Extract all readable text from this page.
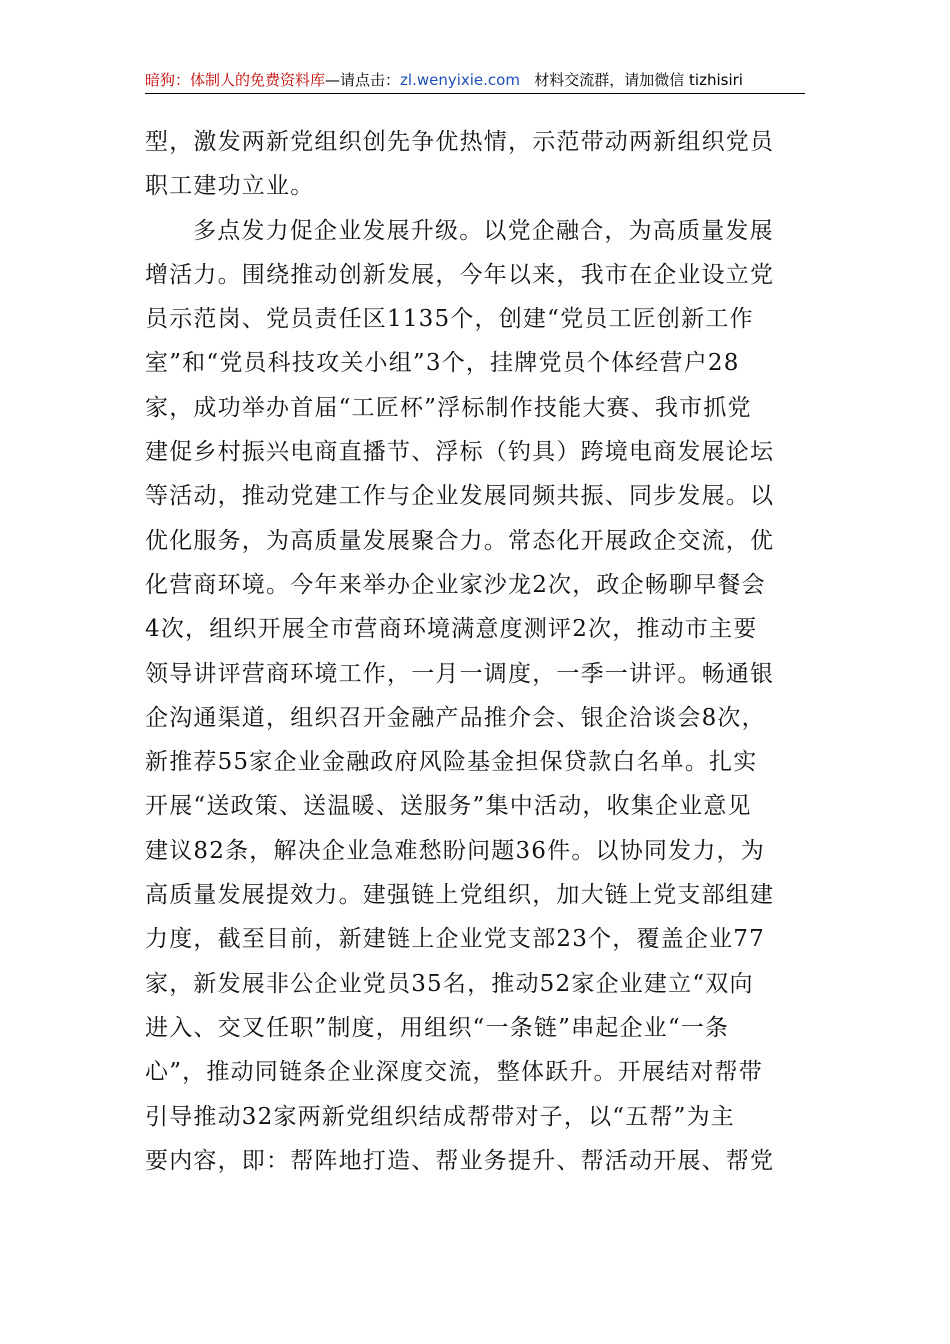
暗狗：体制人的免费资料库—请点击：zl.wenyixie.com 材料交流群，请加微信 tizhisiri
型，激发两新党组织创先争优热情，示范带动两新组织党员
职工建功立业。
多点发力促企业发展升级。以党企融合，为高质量发展
增活力。围绕推动创新发展，今年以来，我市在企业设立党
员示范岗、党员责任区1135个，创建“党员工匠创新工作
室”和“党员科技攻关小组”3个，挂牌党员个体经营户28
家，成功举办首届“工匠杯”浮标制作技能大赛、我市抓党
建促乡村振兴电商直播节、浮标（钓具）跨境电商发展论坛
等活动，推动党建工作与企业发展同频共振、同步发展。以
优化服务，为高质量发展聚合力。常态化开展政企交流，优
化营商环境。今年来举办企业家沙龙2次，政企畅聊早餐会
4次，组织开展全市营商环境满意度测评2次，推动市主要
领导讲评营商环境工作，一月一调度，一季一讲评。畅通银
企沟通渠道，组织召开金融产品推介会、银企洽谈会8次，
新推荐55家企业金融政府风险基金担保贷款白名单。扎实
开展“送政策、送温暖、送服务”集中活动，收集企业意见
建议82条，解决企业急难愁盼问题36件。以协同发力，为
高质量发展提效力。建强链上党组织，加大链上党支部组建
力度，截至目前，新建链上企业党支部23个，覆盖企业77
家，新发展非公企业党员35名，推动52家企业建立“双向
进入、交叉任职”制度，用组织“一条链”串起企业“一条
心”，推动同链条企业深度交流，整体跃升。开展结对帮带
引导推动32家两新党组织结成帮带对子，以“五帮”为主
要内容，即：帮阵地打造、帮业务提升、帮活动开展、帮党
